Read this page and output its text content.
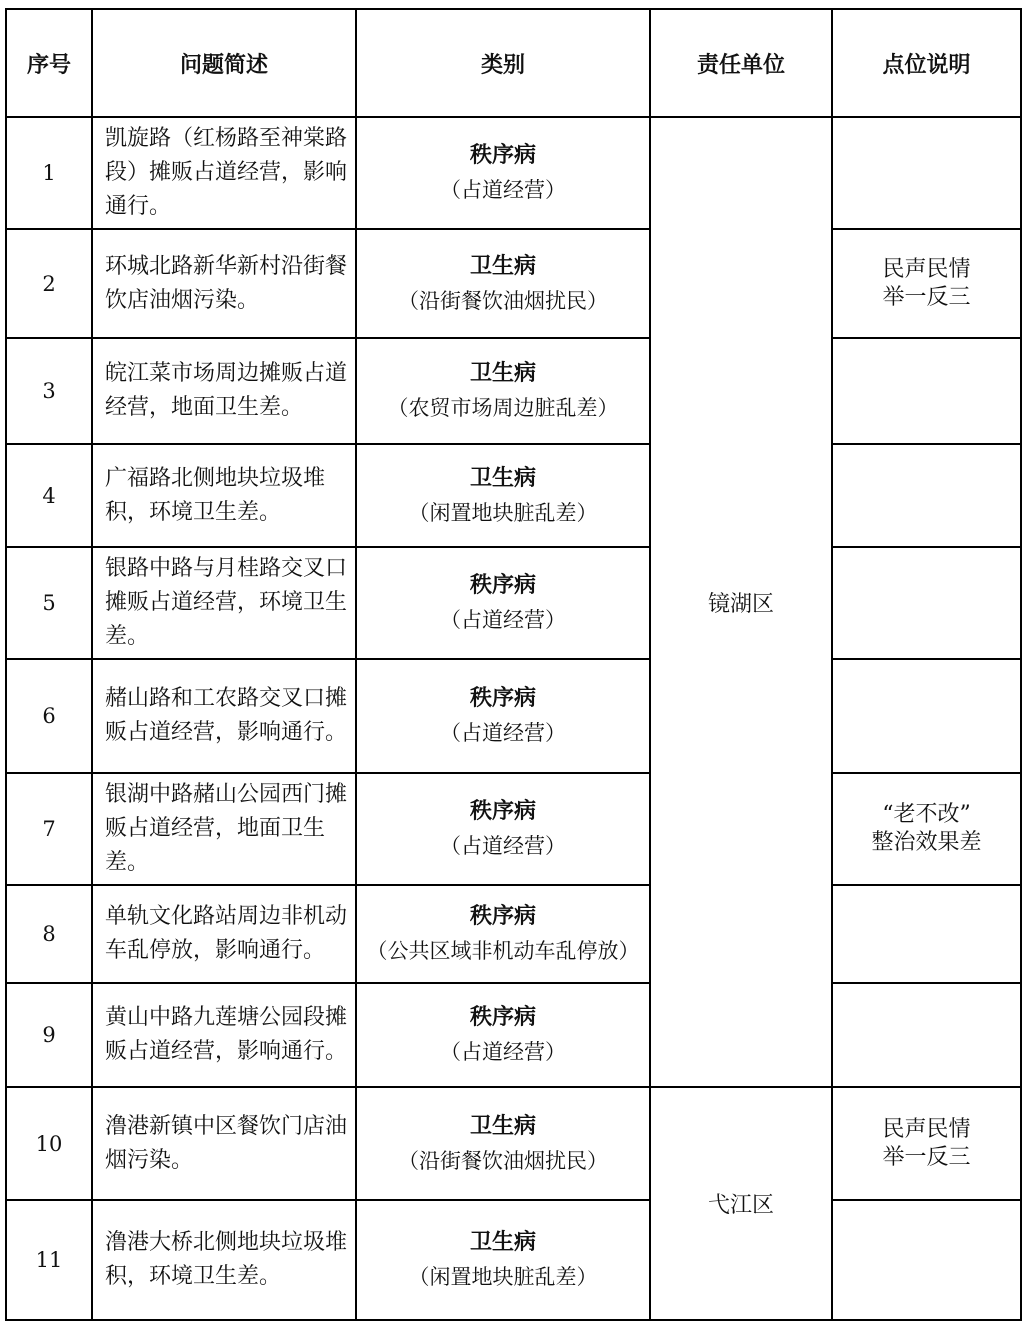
序号	问题简述	类别	责任单位	点位说明
1	凯旋路（红杨路至神棠路段）摊贩占道经营，影响通行。	秩序病
（占道经营）	镜湖区	

2	环城北路新华新村沿街餐饮店油烟污染。	卫生病
（沿街餐饮油烟扰民）		民声民情
举一反三

3	皖江菜市场周边摊贩占道经营，地面卫生差。	卫生病
（农贸市场周边脏乱差）		

4	广福路北侧地块垃圾堆积，环境卫生差。	卫生病
（闲置地块脏乱差）		

5	银路中路与月桂路交叉口摊贩占道经营，环境卫生差。	秩序病
（占道经营）		

6	赭山路和工农路交叉口摊贩占道经营，影响通行。	秩序病
（占道经营）		

7	银湖中路赭山公园西门摊贩占道经营，地面卫生差。	秩序病
（占道经营）		“老不改”
整治效果差

8	单轨文化路站周边非机动车乱停放，影响通行。	秩序病
（公共区域非机动车乱停放）		

9	黄山中路九莲塘公园段摊贩占道经营，影响通行。	秩序病
（占道经营）		

10	澛港新镇中区餐饮门店油烟污染。	卫生病
（沿街餐饮油烟扰民）	弋江区	民声民情
举一反三

11	澛港大桥北侧地块垃圾堆积，环境卫生差。	卫生病
（闲置地块脏乱差）		
